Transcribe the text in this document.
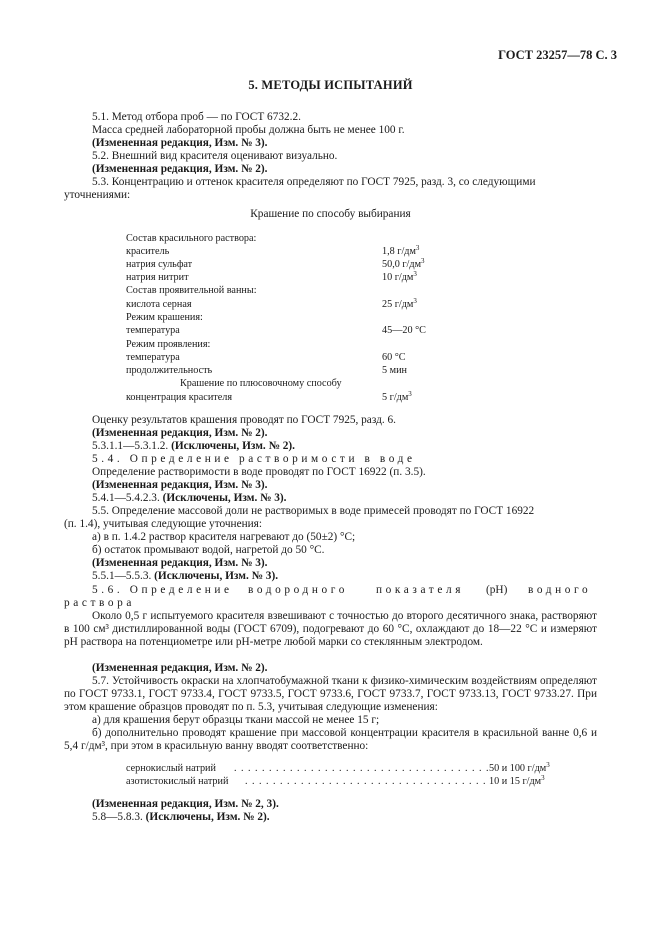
ГОСТ 23257—78 С. 3
5. МЕТОДЫ ИСПЫТАНИЙ
5.1. Метод отбора проб — по ГОСТ 6732.2.
Масса средней лабораторной пробы должна быть не менее 100 г.
(Измененная редакция, Изм. № 3).
5.2. Внешний вид красителя оценивают визуально.
(Измененная редакция, Изм. № 2).
5.3. Концентрацию и оттенок красителя определяют по ГОСТ 7925, разд. 3, со следующими
уточнениями:
Крашение по способу выбирания
Состав красильного раствора:
краситель	1,8 $г/дм^3$
натрия сульфат	50,0 $г/дм^3$
натрия нитрит	10 $г/дм^3$
Состав проявительной ванны:
кислота серная	25 $г/дм^3$
Режим крашения:
температура	45—20 °С
Режим проявления:
температура	60 °С
продолжительность	5 мин
Крашение по плюсовочному способу
концентрация красителя	5 $г/дм^3$
Оценку результатов крашения проводят по ГОСТ 7925, разд. 6.
(Измененная редакция, Изм. № 2).
5.3.1.1—5.3.1.2. (Исключены, Изм. № 2).
5.4. Определение растворимости в воде
Определение растворимости в воде проводят по ГОСТ 16922 (п. 3.5).
(Измененная редакция, Изм. № 3).
5.4.1—5.4.2.3. (Исключены, Изм. № 3).
5.5. Определение массовой доли не растворимых в воде примесей проводят по ГОСТ 16922
(п. 1.4), учитывая следующие уточнения:
а) в п. 1.4.2 раствор красителя нагревают до (50±2) °С;
б) остаток промывают водой, нагретой до 50 °С.
(Измененная редакция, Изм. № 3).
5.5.1—5.5.3. (Исключены, Изм. № 3).
5.6. Определение водородного показателя (рН) водного
раствора
Около 0,5 г испытуемого красителя взвешивают с точностью до второго десятичного знака, растворяют в 100 см³ дистиллированной воды (ГОСТ 6709), подогревают до 60 °С, охлаждают до 18—22 °С и измеряют pH раствора на потенциометре или pH-метре любой марки со стеклянным электродом.
(Измененная редакция, Изм. № 2).
5.7. Устойчивость окраски на хлопчатобумажной ткани к физико-химическим воздействиям определяют по ГОСТ 9733.1, ГОСТ 9733.4, ГОСТ 9733.5, ГОСТ 9733.6, ГОСТ 9733.7, ГОСТ 9733.13, ГОСТ 9733.27. При этом крашение образцов проводят по п. 5.3, учитывая следующие изменения:
а) для крашения берут образцы ткани массой не менее 15 г;
б) дополнительно проводят крашение при массовой концентрации красителя в красильной ванне 0,6 и 5,4 г/дм³, при этом в красильную ванну вводят соответственно:
сернокислый натрий . . . . . . . . . . . . . . . . . . . . . . . . . . . . . . . . . . . . . 50 и 100 $г/дм^3$
азотистокислый натрий . . . . . . . . . . . . . . . . . . . . . . . . . . . . . . . . . . . 10 и 15 $г/дм^3$
(Измененная редакция, Изм. № 2, 3).
5.8—5.8.3. (Исключены, Изм. № 2).
